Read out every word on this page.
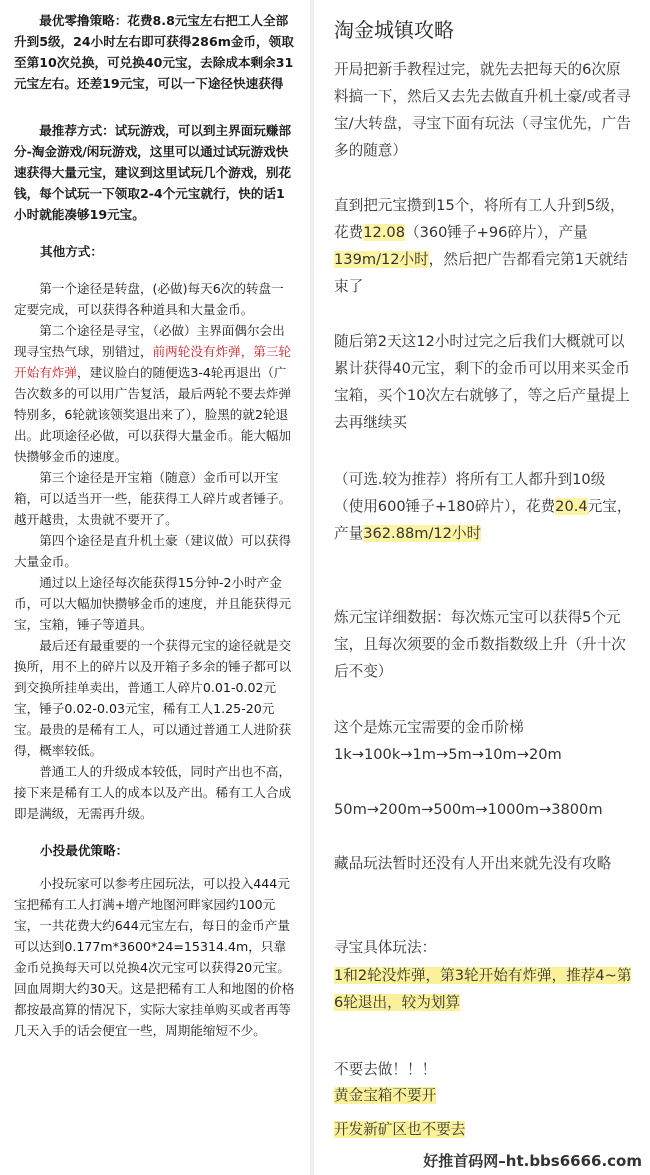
最优零撸策略：花费8.8元宝左右把工人全部升到5级，24小时左右即可获得286m金币，领取至第10次兑换，可兑换40元宝，去除成本剩余31元宝左右。还差19元宝，可以一下途径快速获得

最推荐方式：试玩游戏，可以到主界面玩赚部分-淘金游戏/闲玩游戏，这里可以通过试玩游戏快速获得大量元宝，建议到这里试玩几个游戏，别花钱，每个试玩一下领取2-4个元宝就行，快的话1小时就能凑够19元宝。

其他方式：

第一个途径是转盘，(必做)每天6次的转盘一定要完成，可以获得各种道具和大量金币。

第二个途径是寻宝，（必做）主界面偶尔会出现寻宝热气球，别错过，前两轮没有炸弹，第三轮开始有炸弹，建议脸白的随便选3-4轮再退出（广告次数多的可以用广告复活，最后两轮不要去炸弹特别多，6轮就该领奖退出来了），脸黑的就2轮退出。此项途径必做，可以获得大量金币。能大幅加快攒够金币的速度。

第三个途径是开宝箱（随意）金币可以开宝箱，可以适当开一些，能获得工人碎片或者锤子。越开越贵，太贵就不要开了。

第四个途径是直升机土豪（建议做）可以获得大量金币。

通过以上途径每次能获得15分钟-2小时产金币，可以大幅加快攒够金币的速度，并且能获得元宝，宝箱，锤子等道具。

最后还有最重要的一个获得元宝的途径就是交换所，用不上的碎片以及开箱子多余的锤子都可以到交换所挂单卖出，普通工人碎片0.01-0.02元宝，锤子0.02-0.03元宝，稀有工人1.25-20元宝。最贵的是稀有工人，可以通过普通工人进阶获得，概率较低。

普通工人的升级成本较低，同时产出也不高，接下来是稀有工人的成本以及产出。稀有工人合成即是满级，无需再升级。

小投最优策略：

小投玩家可以参考庄园玩法，可以投入444元宝把稀有工人打满+增产地图河畔家园约100元宝，一共花费大约644元宝左右，每日的金币产量可以达到0.177m*3600*24=15314.4m，只靠金币兑换每天可以兑换4次元宝可以获得20元宝。回血周期大约30天。这是把稀有工人和地图的价格都按最高算的情况下，实际大家挂单购买或者再等几天入手的话会便宜一些，周期能缩短不少。

淘金城镇攻略
开局把新手教程过完，就先去把每天的6次原料搞一下，然后又去先去做直升机土豪/或者寻宝/大转盘，寻宝下面有玩法（寻宝优先，广告多的随意）
直到把元宝攒到15个，将所有工人升到5级，花费12.08（360锤子+96碎片），产量139m/12小时，然后把广告都看完第1天就结束了
随后第2天这12小时过完之后我们大概就可以累计获得40元宝，剩下的金币可以用来买金币宝箱，买个10次左右就够了，等之后产量提上去再继续买
（可选.较为推荐）将所有工人都升到10级（使用600锤子+180碎片），花费20.4元宝，产量362.88m/12小时
炼元宝详细数据：每次炼元宝可以获得5个元宝，且每次须要的金币数指数级上升（升十次后不变）
这个是炼元宝需要的金币阶梯
1k→100k→1m→5m→10m→20m
50m→200m→500m→1000m→3800m
藏品玩法暂时还没有人开出来就先没有攻略
寻宝具体玩法：
1和2轮没炸弹，第3轮开始有炸弹，推荐4~第6轮退出，较为划算
不要去做！！！
黄金宝箱不要开
开发新矿区也不要去
好推首码网–ht.bbs6666.com
